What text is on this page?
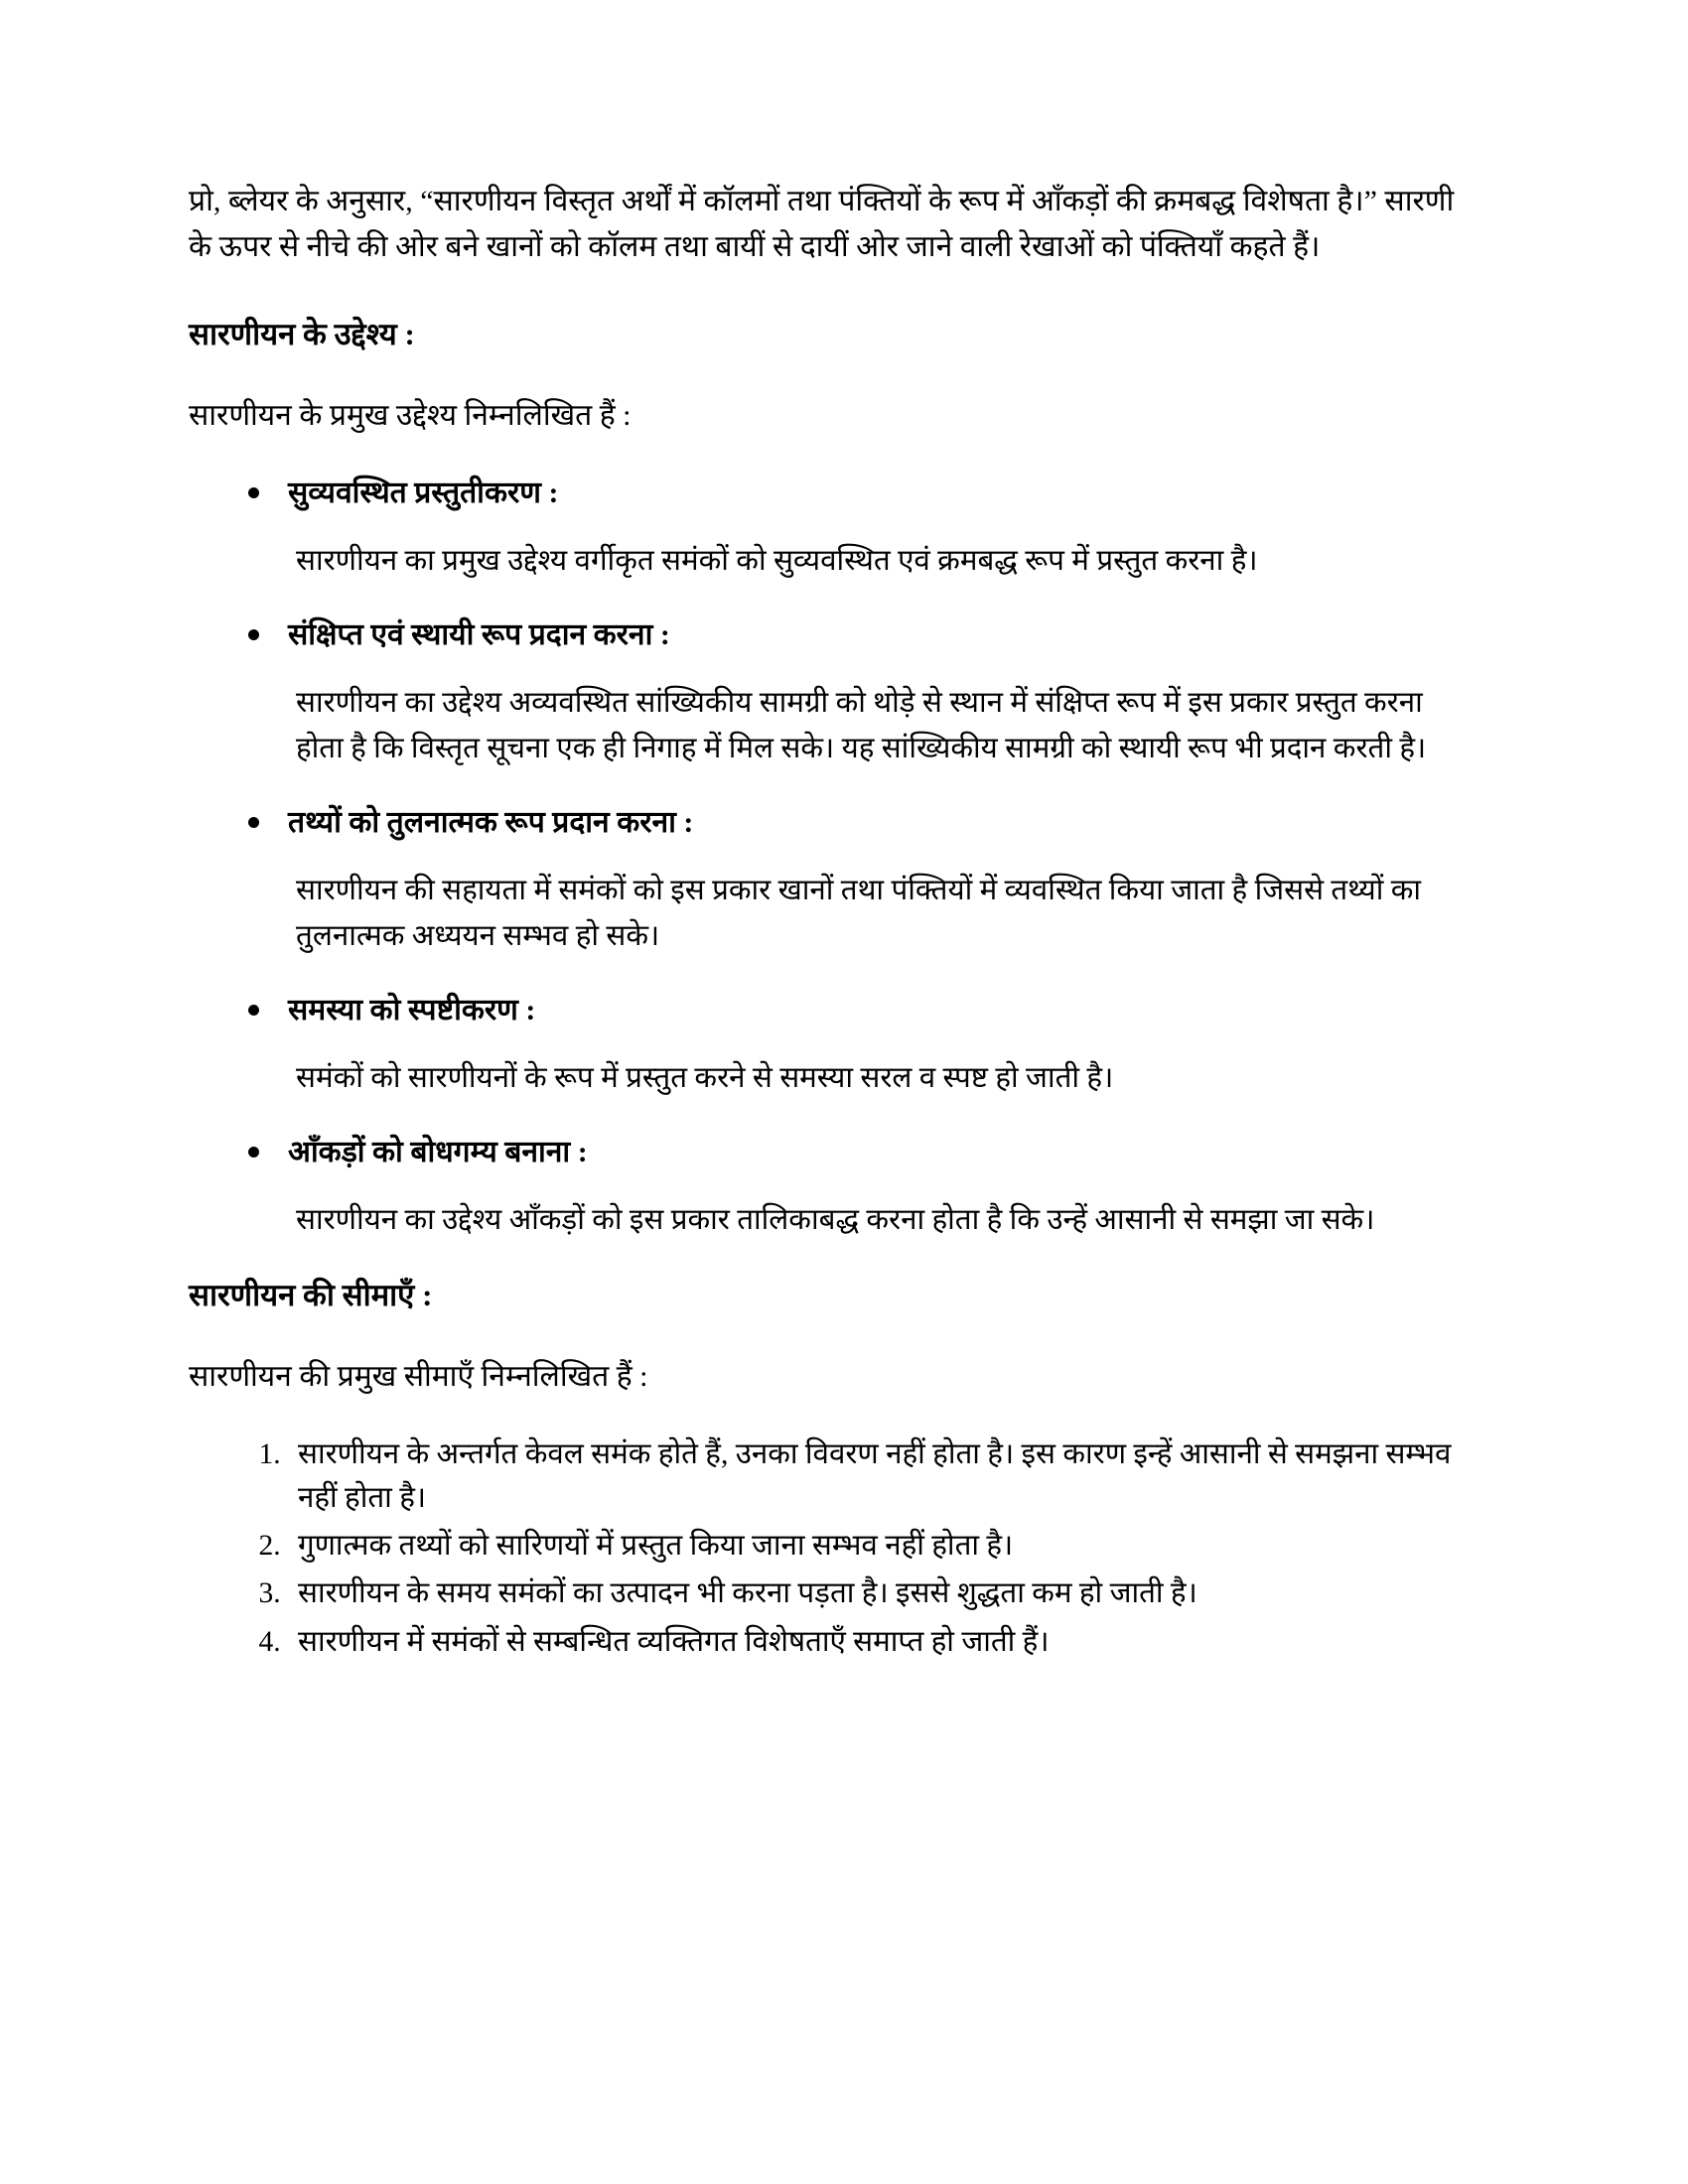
प्रो, ब्लेयर के अनुसार, “सारणीयन विस्तृत अर्थों में कॉलमों तथा पंक्तियों के रूप में आँकड़ों की क्रमबद्ध विशेषता है।” सारणी के ऊपर से नीचे की ओर बने खानों को कॉलम तथा बायीं से दायीं ओर जाने वाली रेखाओं को पंक्तियाँ कहते हैं।

सारणीयन के उद्देश्य :

सारणीयन के प्रमुख उद्देश्य निम्नलिखित हैं :

सुव्यवस्थित प्रस्तुतीकरण :
सारणीयन का प्रमुख उद्देश्य वर्गीकृत समंकों को सुव्यवस्थित एवं क्रमबद्ध रूप में प्रस्तुत करना है।
संक्षिप्त एवं स्थायी रूप प्रदान करना :
सारणीयन का उद्देश्य अव्यवस्थित सांख्यिकीय सामग्री को थोड़े से स्थान में संक्षिप्त रूप में इस प्रकार प्रस्तुत करना होता है कि विस्तृत सूचना एक ही निगाह में मिल सके। यह सांख्यिकीय सामग्री को स्थायी रूप भी प्रदान करती है।
तथ्यों को तुलनात्मक रूप प्रदान करना :
सारणीयन की सहायता में समंकों को इस प्रकार खानों तथा पंक्तियों में व्यवस्थित किया जाता है जिससे तथ्यों का तुलनात्मक अध्ययन सम्भव हो सके।
समस्या को स्पष्टीकरण :
समंकों को सारणीयनों के रूप में प्रस्तुत करने से समस्या सरल व स्पष्ट हो जाती है।
आँकड़ों को बोधगम्य बनाना :
सारणीयन का उद्देश्य आँकड़ों को इस प्रकार तालिकाबद्ध करना होता है कि उन्हें आसानी से समझा जा सके।
सारणीयन की सीमाएँ :

सारणीयन की प्रमुख सीमाएँ निम्नलिखित हैं :

1. सारणीयन के अन्तर्गत केवल समंक होते हैं, उनका विवरण नहीं होता है। इस कारण इन्हें आसानी से समझना सम्भव नहीं होता है।
2. गुणात्मक तथ्यों को सारिणयों में प्रस्तुत किया जाना सम्भव नहीं होता है।
3. सारणीयन के समय समंकों का उत्पादन भी करना पड़ता है। इससे शुद्धता कम हो जाती है।
4. सारणीयन में समंकों से सम्बन्धित व्यक्तिगत विशेषताएँ समाप्त हो जाती हैं।
